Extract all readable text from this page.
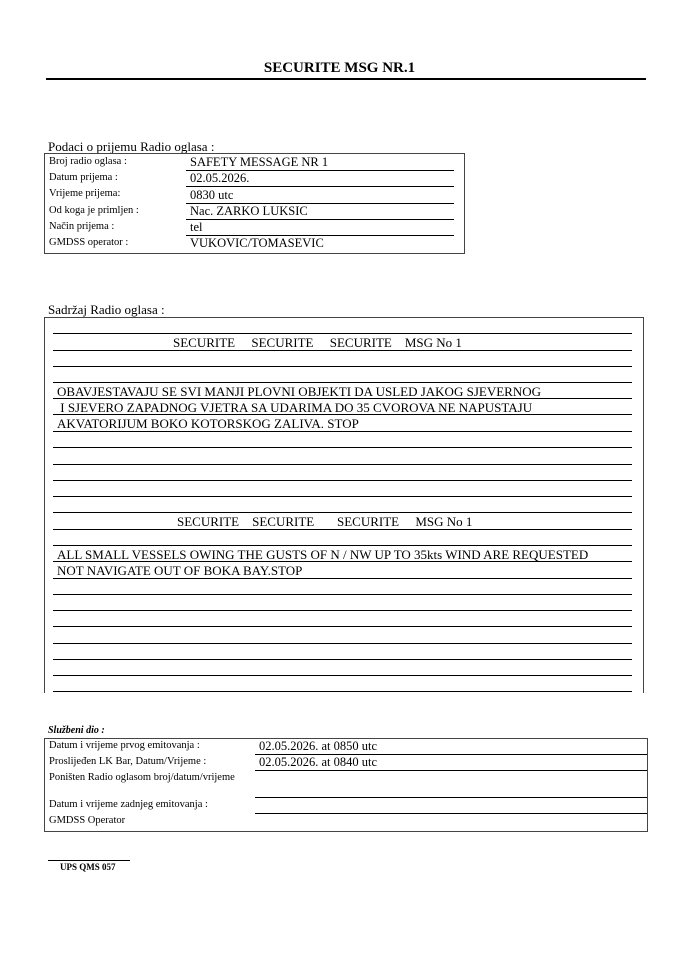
SECURITE MSG NR.1
Podaci o prijemu Radio oglasa :
Broj radio oglasa :	SAFETY MESSAGE NR 1
Datum prijema :	02.05.2026.
Vrijeme prijema:	0830 utc
Od koga je primljen :	Nac. ZARKO LUKSIC
Način prijema :	tel
GMDSS operator :	VUKOVIC/TOMASEVIC
Sadržaj Radio oglasa :
SECURITE     SECURITE     SECURITE    MSG No 1
OBAVJESTAVAJU SE SVI MANJI PLOVNI OBJEKTI DA USLED JAKOG SJEVERNOG
I SJEVERO ZAPADNOG VJETRA SA UDARIMA DO 35 CVOROVA NE NAPUSTAJU
AKVATORIJUM BOKO KOTORSKOG ZALIVA. STOP
SECURITE    SECURITE       SECURITE     MSG No 1
ALL SMALL VESSELS OWING THE GUSTS OF N / NW UP TO 35kts WIND ARE REQUESTED
NOT NAVIGATE OUT OF BOKA BAY.STOP
Službeni dio :
Datum i vrijeme prvog emitovanja :	02.05.2026. at 0850 utc
Proslijeđen LK Bar, Datum/Vrijeme :	02.05.2026. at 0840 utc
Poništen Radio oglasom broj/datum/vrijeme
Datum i vrijeme zadnjeg emitovanja :
GMDSS Operator
UPS QMS 057
